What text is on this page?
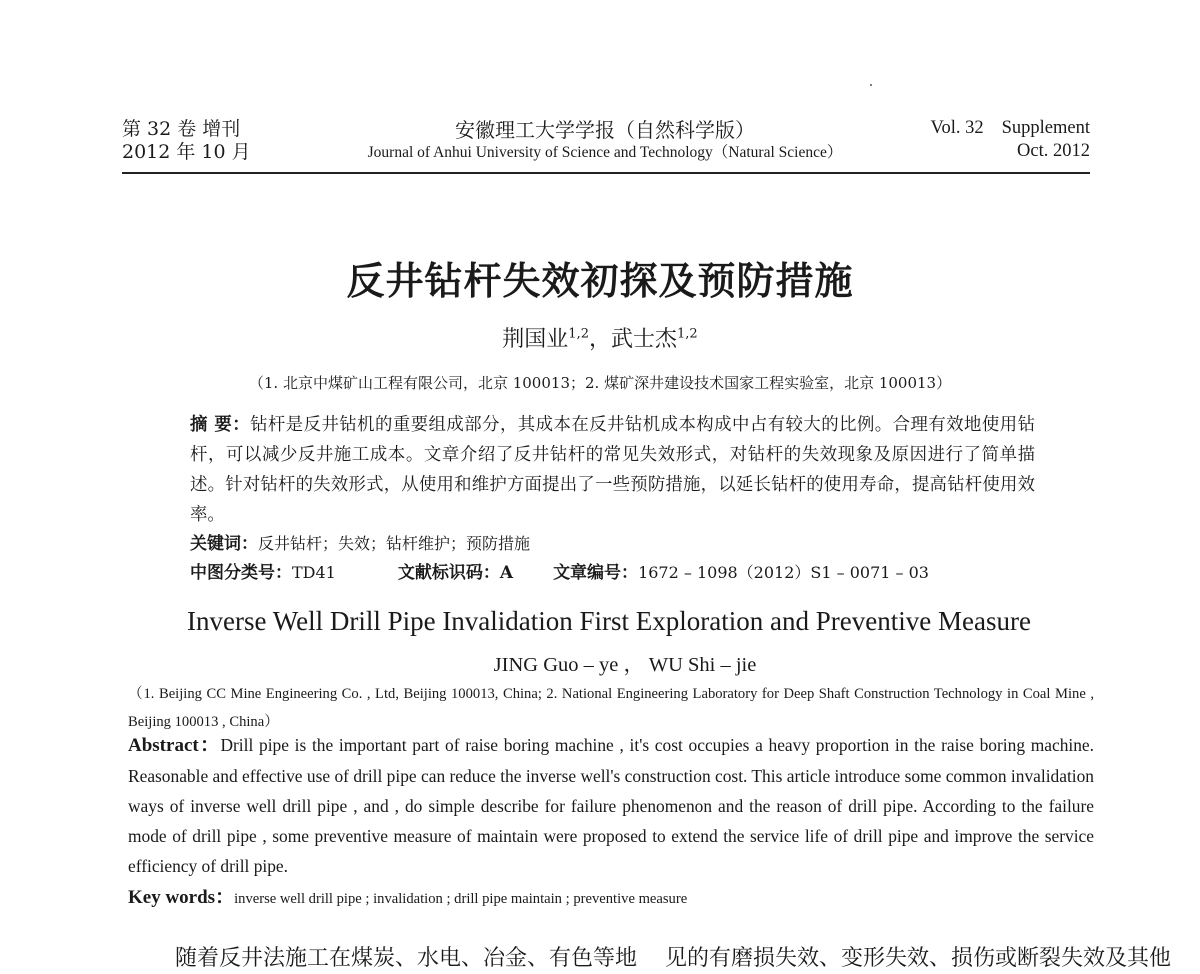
第 32 卷 增刊
2012 年 10 月
安徽理工大学学报（自然科学版）
Journal of Anhui University of Science and Technology（Natural Science）
Vol. 32 Supplement
Oct. 2012
反井钻杆失效初探及预防措施
荆国业$^{1,2}$，武士杰$^{1,2}$
（1. 北京中煤矿山工程有限公司，北京 100013；2. 煤矿深井建设技术国家工程实验室，北京 100013）
摘 要：钻杆是反井钻机的重要组成部分，其成本在反井钻机成本构成中占有较大的比例。合理有效地使用钻杆，可以减少反井施工成本。文章介绍了反井钻杆的常见失效形式，对钻杆的失效现象及原因进行了简单描述。针对钻杆的失效形式，从使用和维护方面提出了一些预防措施，以延长钻杆的使用寿命，提高钻杆使用效率。
关键词：反井钻杆；失效；钻杆维护；预防措施
中图分类号：TD41	文献标识码：A 文章编号：1672 – 1098（2012）S1 – 0071 – 03
Inverse Well Drill Pipe Invalidation First Exploration and Preventive Measure
JING Guo – ye ， WU Shi – jie
（1. Beijing CC Mine Engineering Co. , Ltd, Beijing 100013, China; 2. National Engineering Laboratory for Deep Shaft Construction Technology in Coal Mine , Beijing 100013 , China）
Abstract：Drill pipe is the important part of raise boring machine , it's cost occupies a heavy proportion in the raise boring machine. Reasonable and effective use of drill pipe can reduce the inverse well's construction cost. This article introduce some common invalidation ways of inverse well drill pipe , and , do simple describe for failure phenomenon and the reason of drill pipe. According to the failure mode of drill pipe , some preventive measure of maintain were proposed to extend the service life of drill pipe and improve the service efficiency of drill pipe.
Key words：inverse well drill pipe ; invalidation ; drill pipe maintain ; preventive measure
随着反井法施工在煤炭、水电、冶金、有色等地 见的有磨损失效、变形失效、损伤或断裂失效及其他
